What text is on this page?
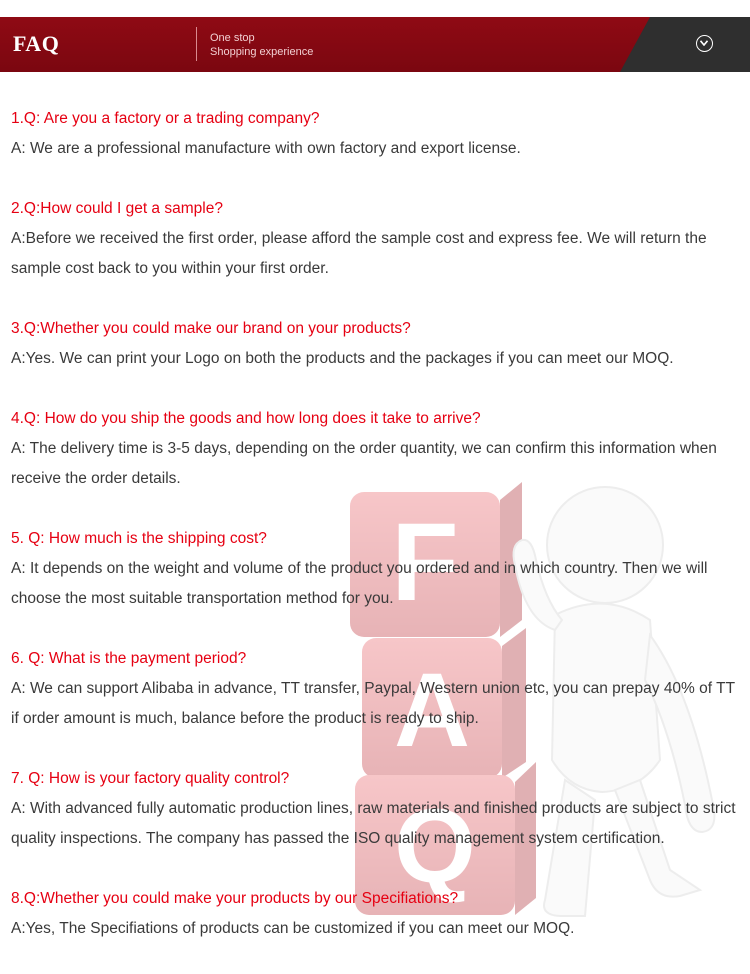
FAQ	One stop
Shopping experience
F
A
Q
1.Q: Are you a factory or a trading company?
A: We are a professional manufacture with own factory and export license.
2.Q:How could I get a sample?
A:Before we received the first order, please afford the sample cost and express fee. We will return the sample cost back to you within your first order.
3.Q:Whether you could make our brand on your products?
A:Yes. We can print your Logo on both the products and the packages if you can meet our MOQ.
4.Q: How do you ship the goods and how long does it take to arrive?
A: The delivery time is 3-5 days, depending on the order quantity, we can confirm this information when receive the order details.
5. Q: How much is the shipping cost?
A: It depends on the weight and volume of the product you ordered and in which country. Then we will choose the most suitable transportation method for you.
6. Q: What is the payment period?
A: We can support Alibaba in advance, TT transfer, Paypal, Western union etc, you can prepay 40% of TT if order amount is much, balance before the product is ready to ship.
7. Q: How is your factory quality control?
A: With advanced fully automatic production lines, raw materials and finished products are subject to strict quality inspections. The company has passed the ISO quality management system certification.
8.Q:Whether you could make your products by our Specifiations?
A:Yes, The Specifiations of products can be customized if you can meet our MOQ.
